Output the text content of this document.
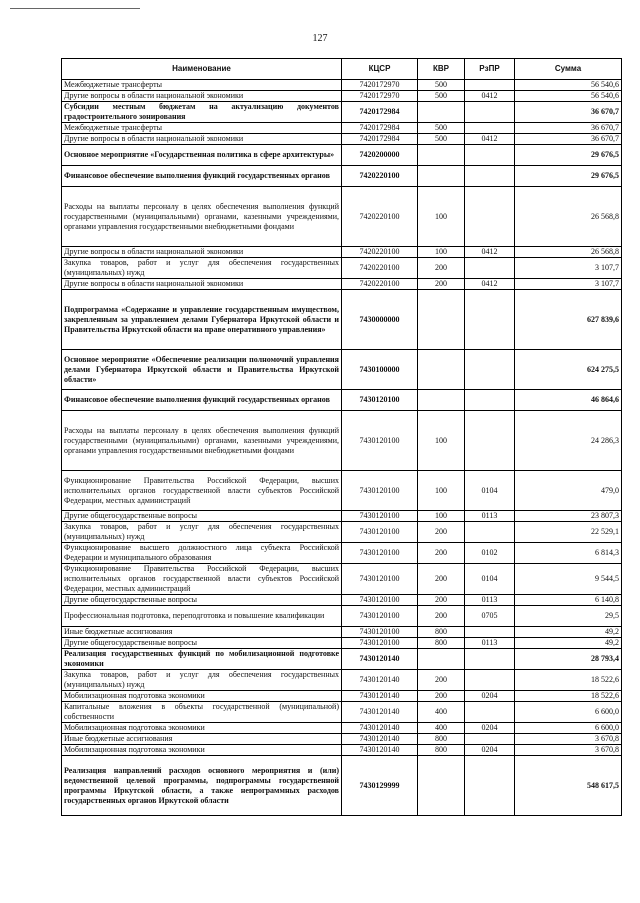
127
Наименование	КЦСР	КВР	РзПР	Сумма
Межбюджетные трансферты	7420172970	500		56 540,6
Другие вопросы в области национальной экономики	7420172970	500	0412	56 540,6
Субсидии местным бюджетам на актуализацию документов градостроительного зонирования	7420172984			36 670,7
Межбюджетные трансферты	7420172984	500		36 670,7
Другие вопросы в области национальной экономики	7420172984	500	0412	36 670,7
Основное мероприятие «Государственная политика в сфере архитектуры»	7420200000			29 676,5
Финансовое обеспечение выполнения функций государственных органов	7420220100			29 676,5
Расходы на выплаты персоналу в целях обеспечения выполнения функций государственными (муниципальными) органами, казенными учреждениями, органами управления государственными внебюджетными фондами	7420220100	100		26 568,8
Другие вопросы в области национальной экономики	7420220100	100	0412	26 568,8
Закупка товаров, работ и услуг для обеспечения государственных (муниципальных) нужд	7420220100	200		3 107,7
Другие вопросы в области национальной экономики	7420220100	200	0412	3 107,7
Подпрограмма «Содержание и управление государственным имуществом, закрепленным за управлением делами Губернатора Иркутской области и Правительства Иркутской области на праве оперативного управления»	7430000000			627 839,6
Основное мероприятие «Обеспечение реализации полномочий управления делами Губернатора Иркутской области и Правительства Иркутской области»	7430100000			624 275,5
Финансовое обеспечение выполнения функций государственных органов	7430120100			46 864,6
Расходы на выплаты персоналу в целях обеспечения выполнения функций государственными (муниципальными) органами, казенными учреждениями, органами управления государственными внебюджетными фондами	7430120100	100		24 286,3
Функционирование Правительства Российской Федерации, высших исполнительных органов государственной власти субъектов Российской Федерации, местных администраций	7430120100	100	0104	479,0
Другие общегосударственные вопросы	7430120100	100	0113	23 807,3
Закупка товаров, работ и услуг для обеспечения государственных (муниципальных) нужд	7430120100	200		22 529,1
Функционирование высшего должностного лица субъекта Российской Федерации и муниципального образования	7430120100	200	0102	6 814,3
Функционирование Правительства Российской Федерации, высших исполнительных органов государственной власти субъектов Российской Федерации, местных администраций	7430120100	200	0104	9 544,5
Другие общегосударственные вопросы	7430120100	200	0113	6 140,8
Профессиональная подготовка, переподготовка и повышение квалификации	7430120100	200	0705	29,5
Иные бюджетные ассигнования	7430120100	800		49,2
Другие общегосударственные вопросы	7430120100	800	0113	49,2
Реализация государственных функций по мобилизационной подготовке экономики	7430120140			28 793,4
Закупка товаров, работ и услуг для обеспечения государственных (муниципальных) нужд	7430120140	200		18 522,6
Мобилизационная подготовка экономики	7430120140	200	0204	18 522,6
Капитальные вложения в объекты государственной (муниципальной) собственности	7430120140	400		6 600,0
Мобилизационная подготовка экономики	7430120140	400	0204	6 600,0
Иные бюджетные ассигнования	7430120140	800		3 670,8
Мобилизационная подготовка экономики	7430120140	800	0204	3 670,8
Реализация направлений расходов основного мероприятия и (или) ведомственной целевой программы, подпрограммы государственной программы Иркутской области, а также непрограммных расходов государственных органов Иркутской области	7430129999			548 617,5
